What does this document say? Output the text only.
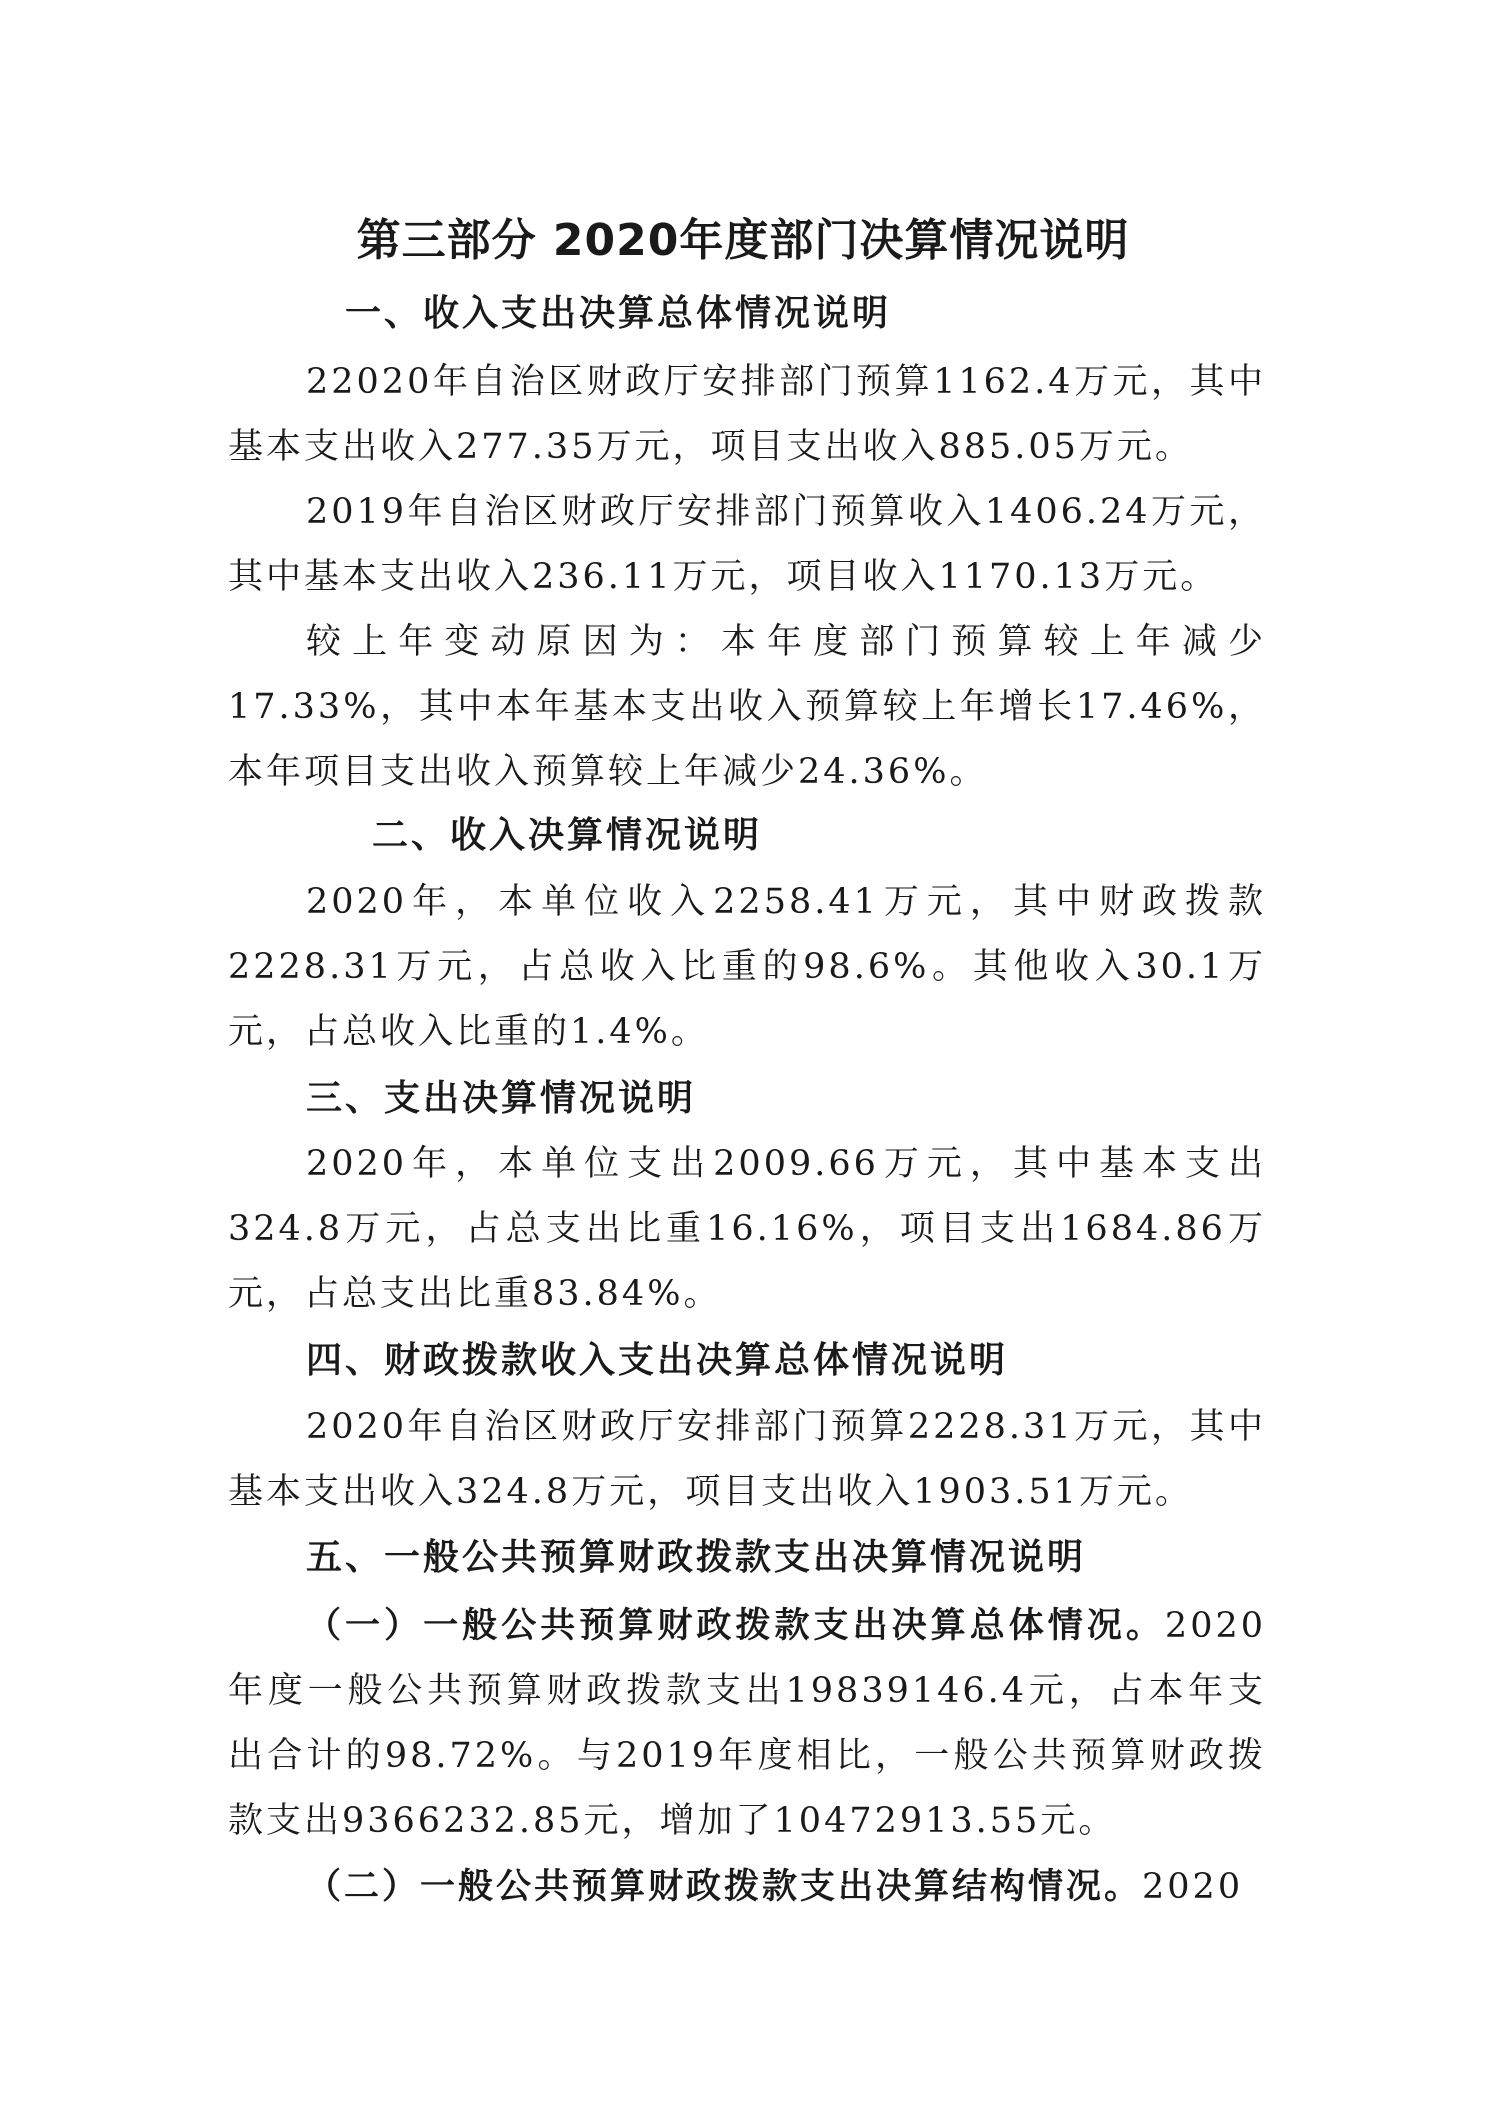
第三部分 2020年度部门决算情况说明
一、收入支出决算总体情况说明

22020年自治区财政厅安排部门预算1162.4万元，其中基本支出收入277.35万元，项目支出收入885.05万元。

2019年自治区财政厅安排部门预算收入1406.24万元，其中基本支出收入236.11万元，项目收入1170.13万元。

较上年变动原因为：本年度部门预算较上年减少17.33%，其中本年基本支出收入预算较上年增长17.46%，本年项目支出收入预算较上年减少24.36%。

二、收入决算情况说明

2020年，本单位收入2258.41万元，其中财政拨款2228.31万元，占总收入比重的98.6%。其他收入30.1万元，占总收入比重的1.4%。

三、支出决算情况说明

2020年，本单位支出2009.66万元，其中基本支出324.8万元，占总支出比重16.16%，项目支出1684.86万元，占总支出比重83.84%。

四、财政拨款收入支出决算总体情况说明

2020年自治区财政厅安排部门预算2228.31万元，其中基本支出收入324.8万元，项目支出收入1903.51万元。

五、一般公共预算财政拨款支出决算情况说明

（一）一般公共预算财政拨款支出决算总体情况。2020年度一般公共预算财政拨款支出19839146.4元，占本年支出合计的98.72%。与2019年度相比，一般公共预算财政拨款支出9366232.85元，增加了10472913.55元。

（二）一般公共预算财政拨款支出决算结构情况。2020
